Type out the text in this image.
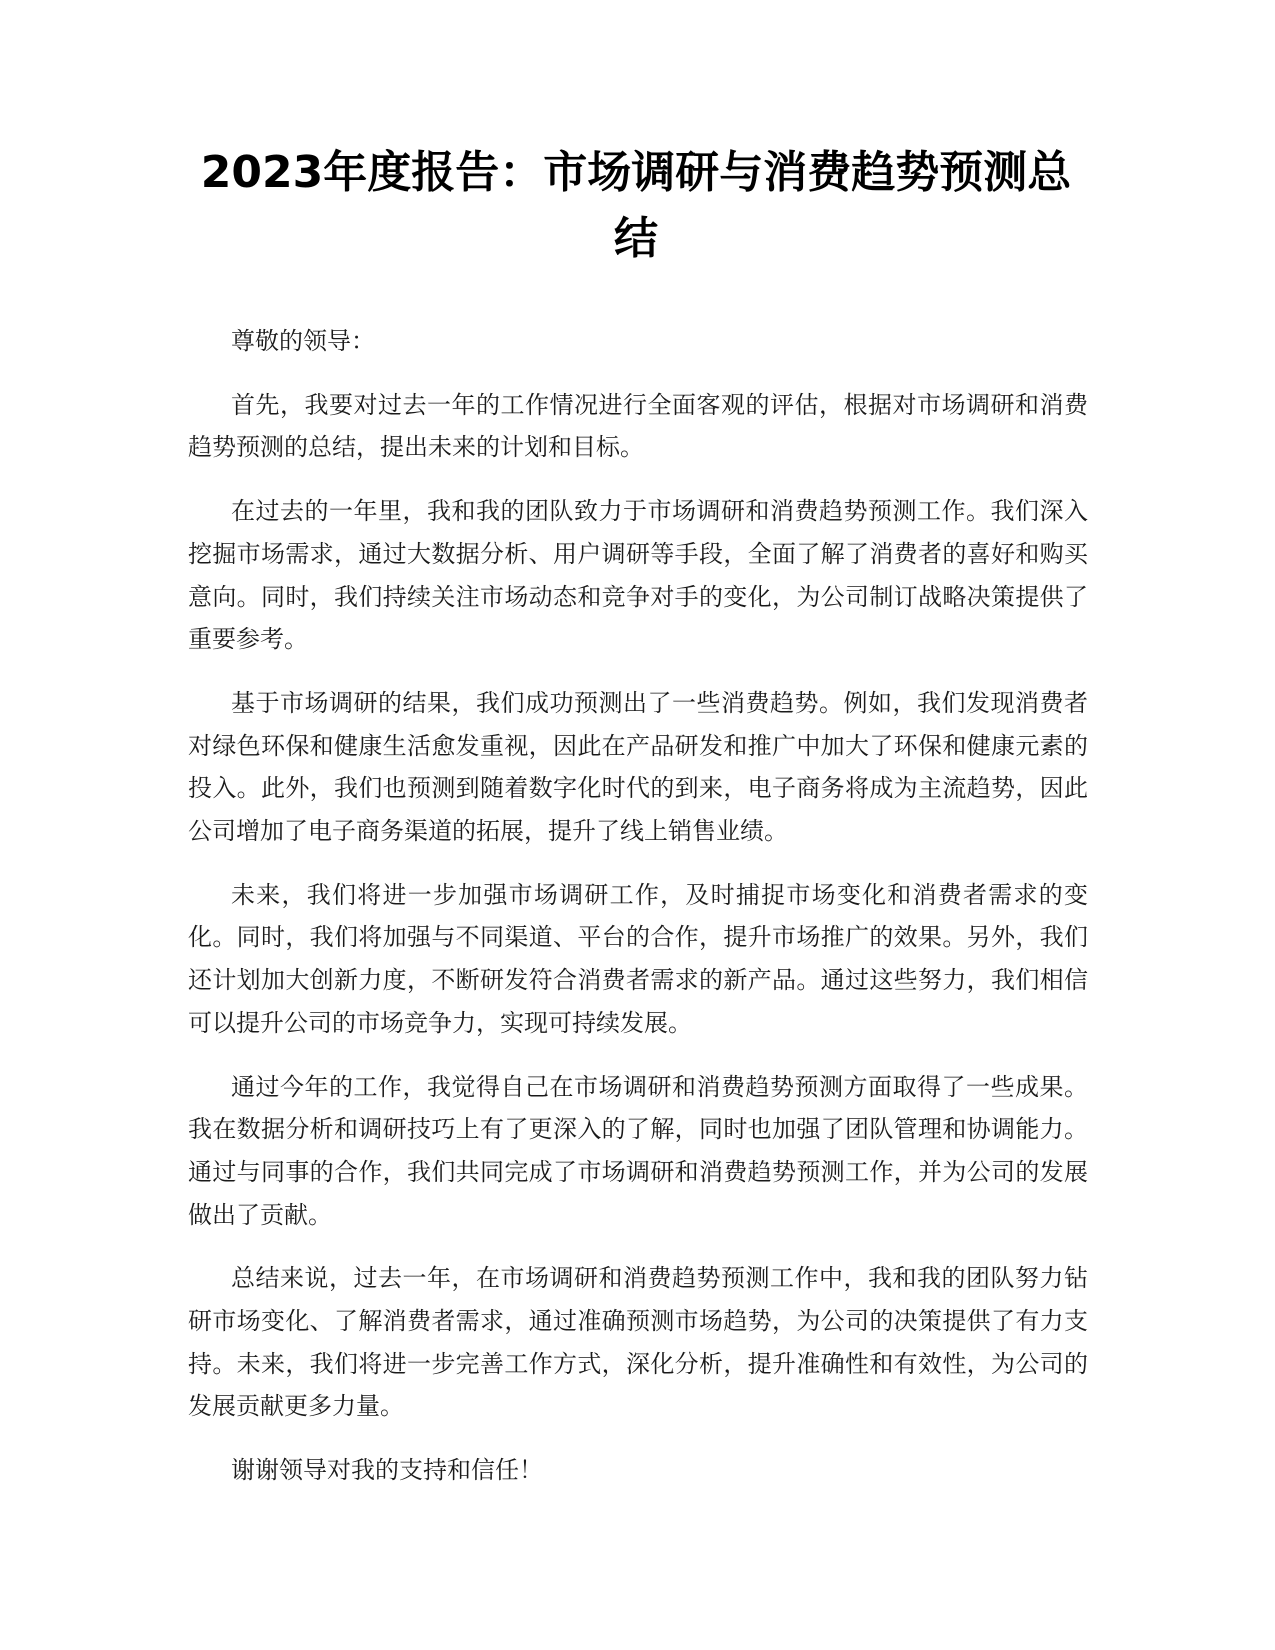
2023年度报告：市场调研与消费趋势预测总结

尊敬的领导：

首先，我要对过去一年的工作情况进行全面客观的评估，根据对市场调研和消费趋势预测的总结，提出未来的计划和目标。

在过去的一年里，我和我的团队致力于市场调研和消费趋势预测工作。我们深入挖掘市场需求，通过大数据分析、用户调研等手段，全面了解了消费者的喜好和购买意向。同时，我们持续关注市场动态和竞争对手的变化，为公司制订战略决策提供了重要参考。

基于市场调研的结果，我们成功预测出了一些消费趋势。例如，我们发现消费者对绿色环保和健康生活愈发重视，因此在产品研发和推广中加大了环保和健康元素的投入。此外，我们也预测到随着数字化时代的到来，电子商务将成为主流趋势，因此公司增加了电子商务渠道的拓展，提升了线上销售业绩。

未来，我们将进一步加强市场调研工作，及时捕捉市场变化和消费者需求的变化。同时，我们将加强与不同渠道、平台的合作，提升市场推广的效果。另外，我们还计划加大创新力度，不断研发符合消费者需求的新产品。通过这些努力，我们相信可以提升公司的市场竞争力，实现可持续发展。

通过今年的工作，我觉得自己在市场调研和消费趋势预测方面取得了一些成果。我在数据分析和调研技巧上有了更深入的了解，同时也加强了团队管理和协调能力。通过与同事的合作，我们共同完成了市场调研和消费趋势预测工作，并为公司的发展做出了贡献。

总结来说，过去一年，在市场调研和消费趋势预测工作中，我和我的团队努力钻研市场变化、了解消费者需求，通过准确预测市场趋势，为公司的决策提供了有力支持。未来，我们将进一步完善工作方式，深化分析，提升准确性和有效性，为公司的发展贡献更多力量。

谢谢领导对我的支持和信任！
